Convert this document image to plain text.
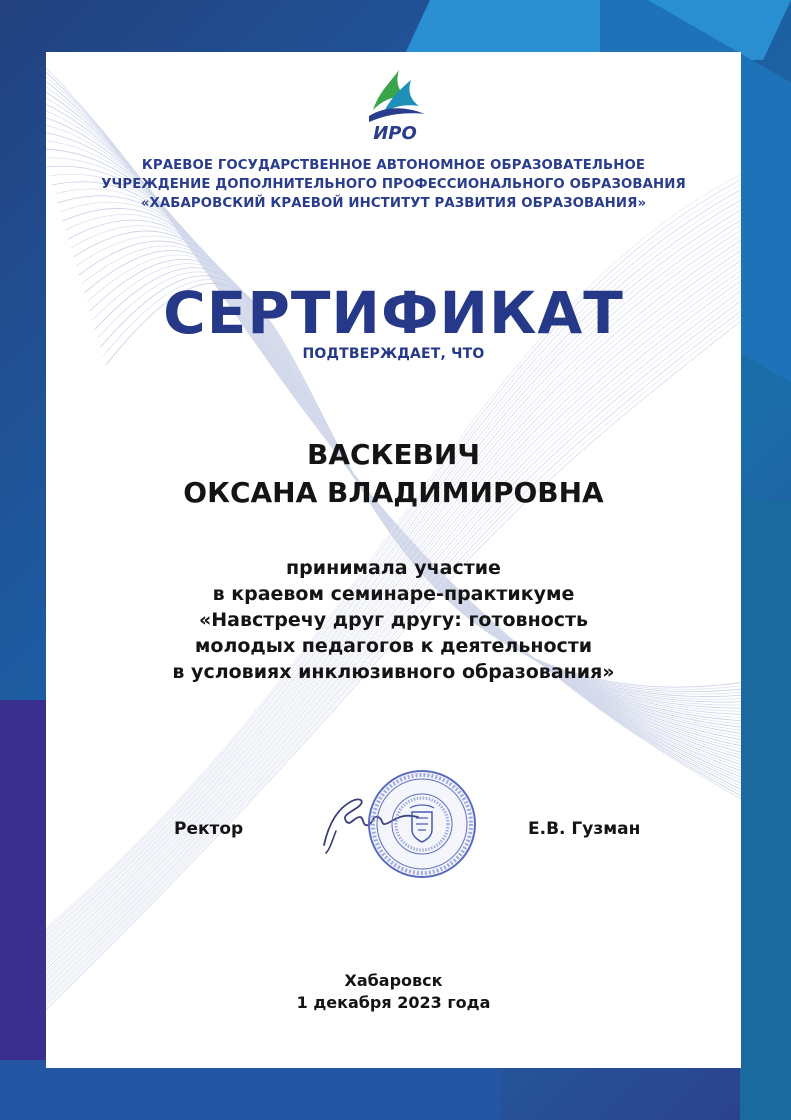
ИРО
КРАЕВОЕ ГОСУДАРСТВЕННОЕ АВТОНОМНОЕ ОБРАЗОВАТЕЛЬНОЕ
УЧРЕЖДЕНИЕ ДОПОЛНИТЕЛЬНОГО ПРОФЕССИОНАЛЬНОГО ОБРАЗОВАНИЯ
«ХАБАРОВСКИЙ КРАЕВОЙ ИНСТИТУТ РАЗВИТИЯ ОБРАЗОВАНИЯ»
СЕРТИФИКАТ
ПОДТВЕРЖДАЕТ, ЧТО
ВАСКЕВИЧ
ОКСАНА ВЛАДИМИРОВНА
принимала участие
в краевом семинаре-практикуме
«Навстречу друг другу: готовность
молодых педагогов к деятельности
в условиях инклюзивного образования»
Ректор	Е.В. Гузман
Хабаровск
1 декабря 2023 года
